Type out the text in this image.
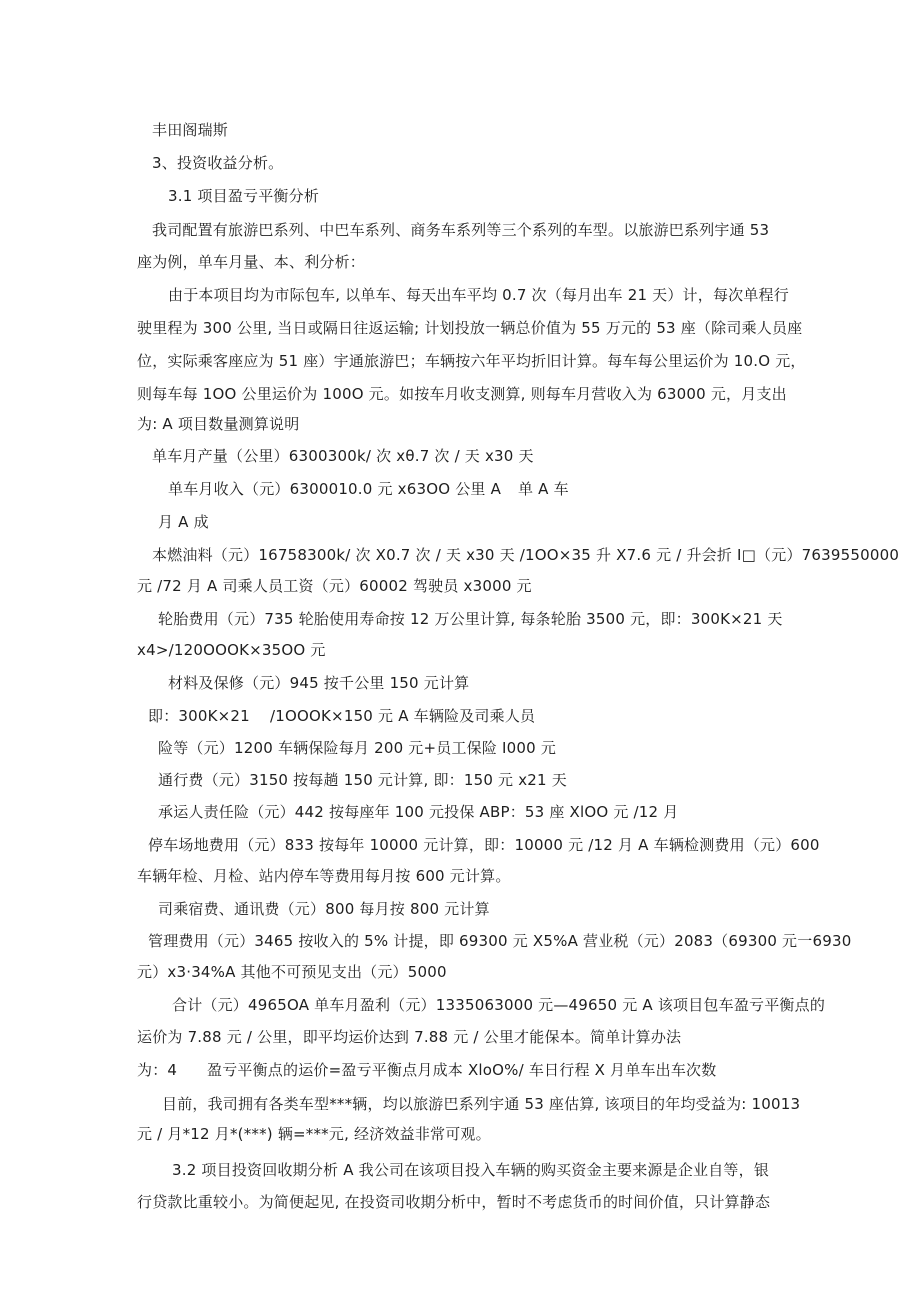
丰田阁瑞斯
3、投资收益分析。
3.1 项目盈亏平衡分析
我司配置有旅游巴系列、中巴车系列、商务车系列等三个系列的车型。以旅游巴系列宇通 53
座为例，单车月量、本、利分析：
由于本项目均为市际包车, 以单车、每天出车平均 0.7 次（每月出车 21 天）计，每次单程行
驶里程为 300 公里, 当日或隔日往返运输; 计划投放一辆总价值为 55 万元的 53 座（除司乘人员座
位，实际乘客座应为 51 座）宇通旅游巴；车辆按六年平均折旧计算。每车每公里运价为 10.O 元，
则每车每 1OO 公里运价为 100O 元。如按车月收支测算, 则每车月营收入为 63000 元，月支出
为: A 项目数量测算说明
单车月产量（公里）6300300k/ 次 xθ.7 次 / 天 x30 天
单车月收入（元）6300010.0 元 x63OO 公里 A 单 A 车
月 A 成
本燃油料（元）16758300k/ 次 X0.7 次 / 天 x30 天 /1OO×35 升 X7.6 元 / 升会折 I□（元）7639550000
元 /72 月 A 司乘人员工资（元）60002 驾驶员 x3000 元
轮胎费用（元）735 轮胎使用寿命按 12 万公里计算, 每条轮胎 3500 元，即：300K×21 天
x4>/120OOOK×35OO 元
材料及保修（元）945 按千公里 150 元计算
即：300K×21 /1OOOK×150 元 A 车辆险及司乘人员
险等（元）1200 车辆保险每月 200 元+员工保险 I000 元
通行费（元）3150 按每趟 150 元计算, 即：150 元 x21 天
承运人责任险（元）442 按每座年 100 元投保 ABP：53 座 XlOO 元 /12 月
停车场地费用（元）833 按每年 10000 元计算，即：10000 元 /12 月 A 车辆检测费用（元）600
车辆年检、月检、站内停车等费用每月按 600 元计算。
司乘宿费、通讯费（元）800 每月按 800 元计算
管理费用（元）3465 按收入的 5% 计提，即 69300 元 X5%A 营业税（元）2083（69300 元一6930
元）x3·34%A 其他不可预见支出（元）5000
合计（元）4965OA 单车月盈利（元）1335063000 元—49650 元 A 该项目包车盈亏平衡点的
运价为 7.88 元 / 公里，即平均运价达到 7.88 元 / 公里才能保本。简单计算办法
为：4 盈亏平衡点的运价=盈亏平衡点月成本 XloO%/ 车日行程 X 月单车出车次数
目前，我司拥有各类车型***辆，均以旅游巴系列宇通 53 座估算, 该项目的年均受益为: 10013
元 / 月*12 月*(***) 辆=***元, 经济效益非常可观。
3.2 项目投资回收期分析 A 我公司在该项目投入车辆的购买资金主要来源是企业自等，银
行贷款比重较小。为简便起见, 在投资司收期分析中，暂时不考虑货币的时间价值，只计算静态
